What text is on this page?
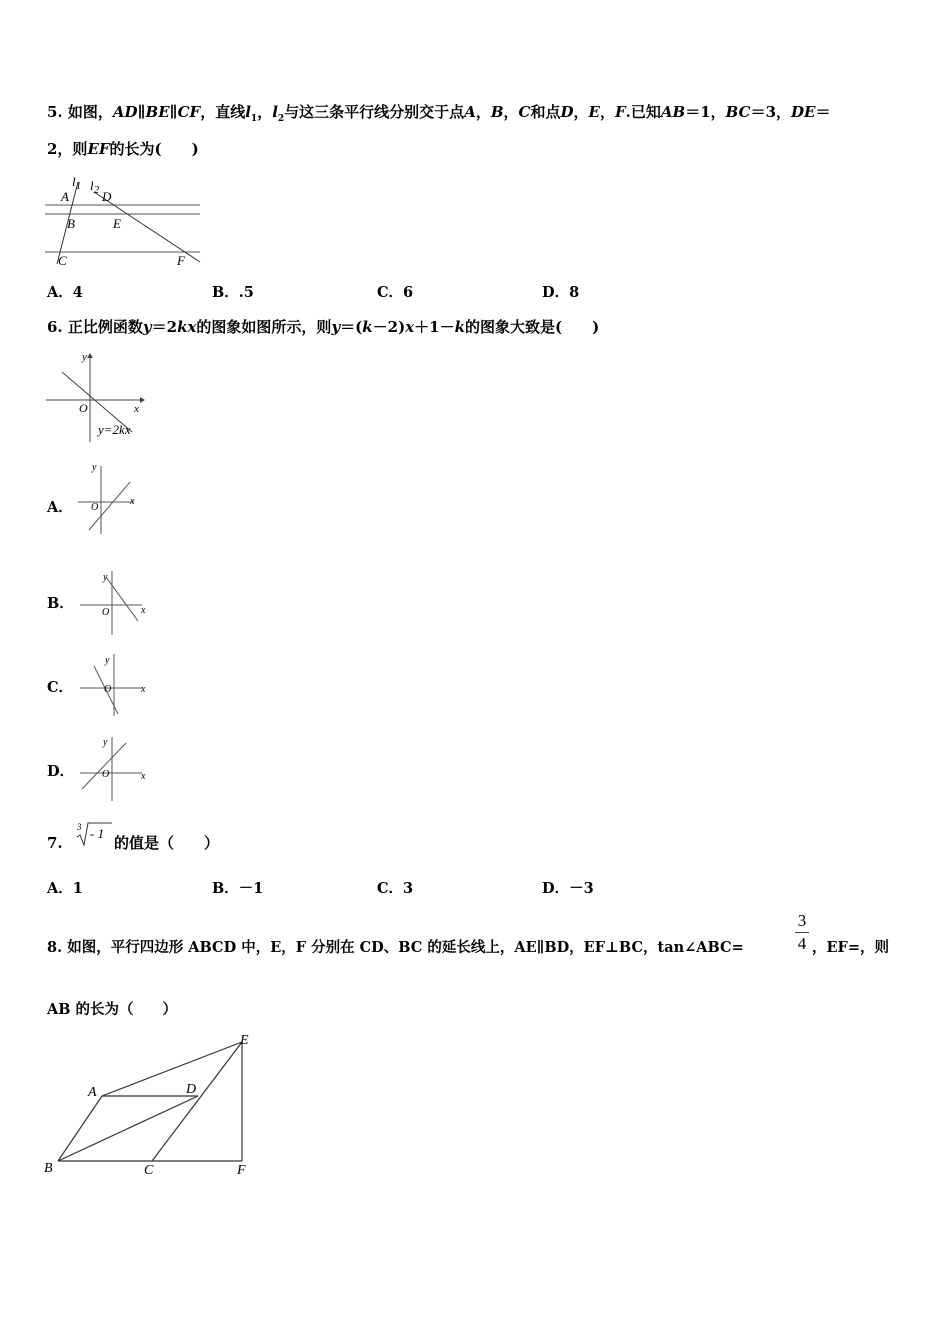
5. 如图，AD∥BE∥CF，直线$l_1$，$l_2$与这三条平行线分别交于点A，B，C和点D，E，F.已知AB＝1，BC＝3，DE＝
2，则EF的长为(　　)
$l_1$ $l_2$
A	D
B	E
C	F
A．4	B．.5	C．6	D．8
6. 正比例函数y＝2kx的图象如图所示，则y＝(k－2)x＋1－k的图象大致是(　　)
y
x
O
y=2kx
A．
y
x
O
B．
y
x
O
C．
y
x
O
D．
y
x
O
7.
3 - 1
的值是（　　）
A．1	B．－1	C．3	D．－3
8. 如图，平行四边形 ABCD 中，E，F 分别在 CD、BC 的延长线上，AE∥BD，EF⊥BC，tan∠ABC=
3
4 ，EF=，则
AB 的长为（　　）
A
B	C
D
E
F
